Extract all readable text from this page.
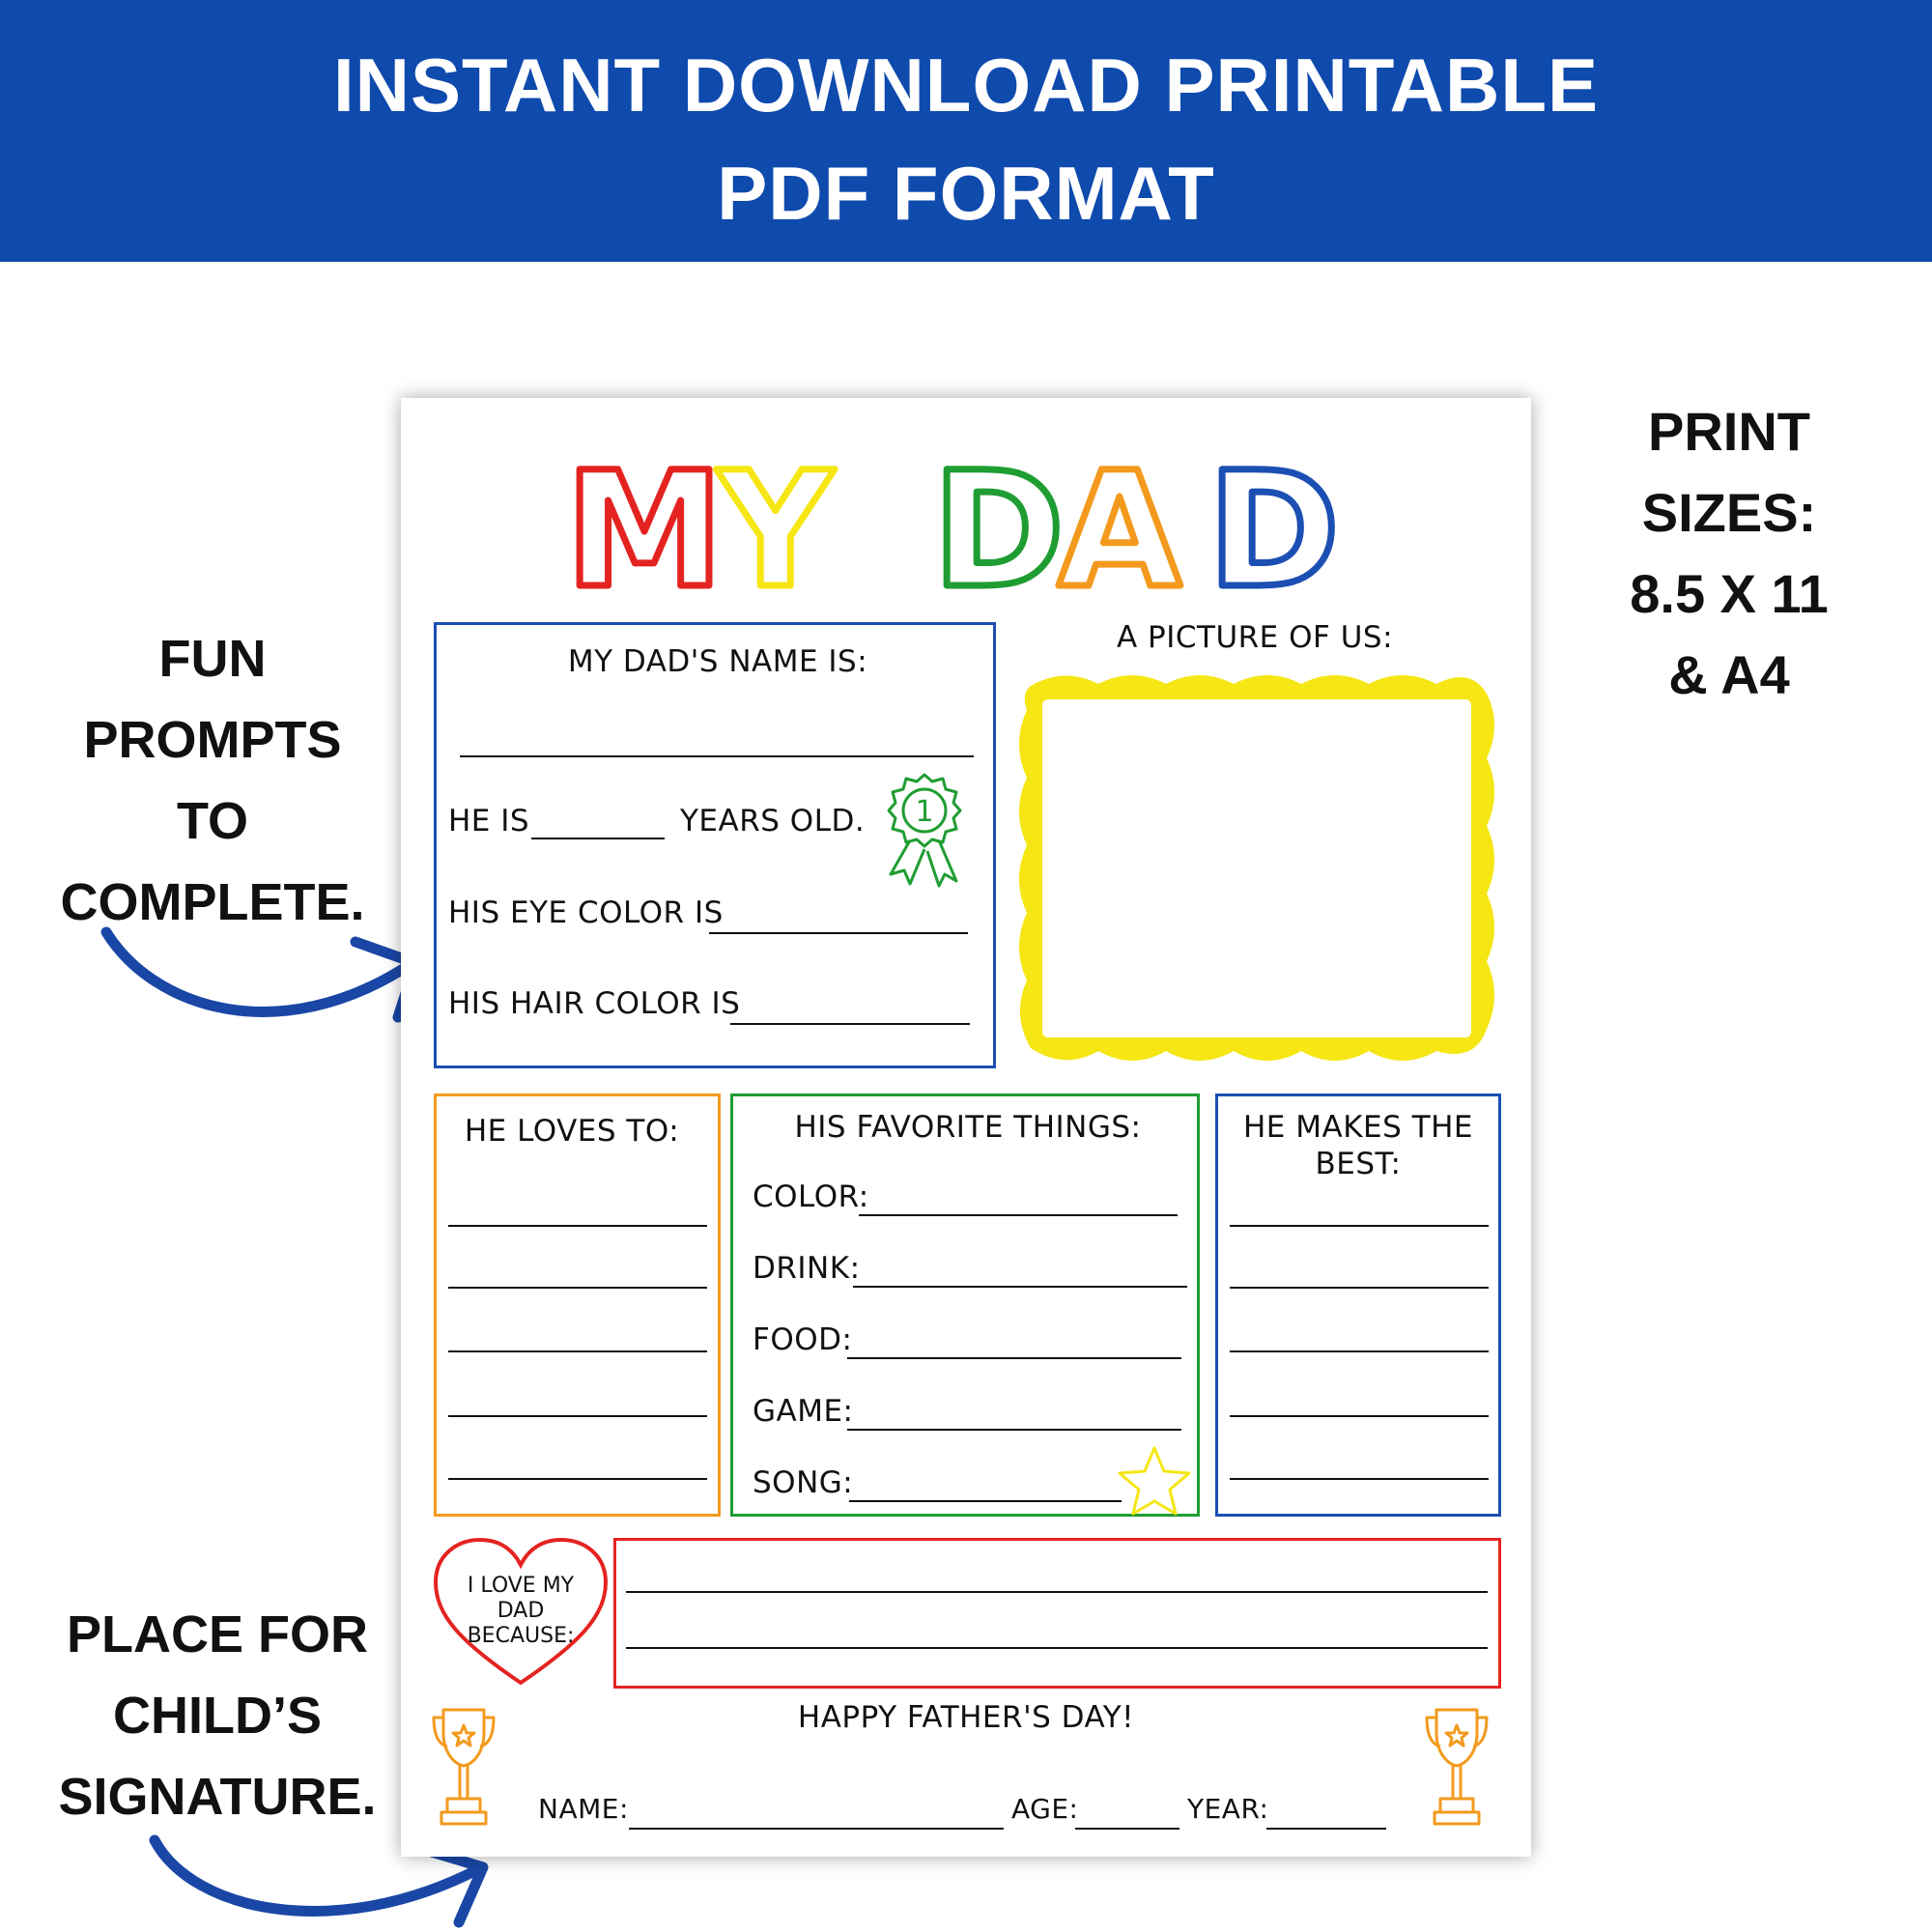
INSTANT DOWNLOAD PRINTABLE
PDF FORMAT
FUN
PROMPTS
TO
COMPLETE.
PLACE FOR
CHILD’S
SIGNATURE.
PRINT
SIZES:
8.5 X 11
& A4
M
Y D
A D
MY DAD'S NAME IS:
HE IS	YEARS OLD. 1
HIS EYE COLOR IS
HIS HAIR COLOR IS
A PICTURE OF US:
HE LOVES TO:	HIS FAVORITE THINGS:
COLOR:
DRINK:
FOOD:
GAME:
SONG:
HE MAKES THE
BEST:
I LOVE MY
DAD
BECAUSE:
HAPPY FATHER'S DAY!
NAME:	AGE:	YEAR:
